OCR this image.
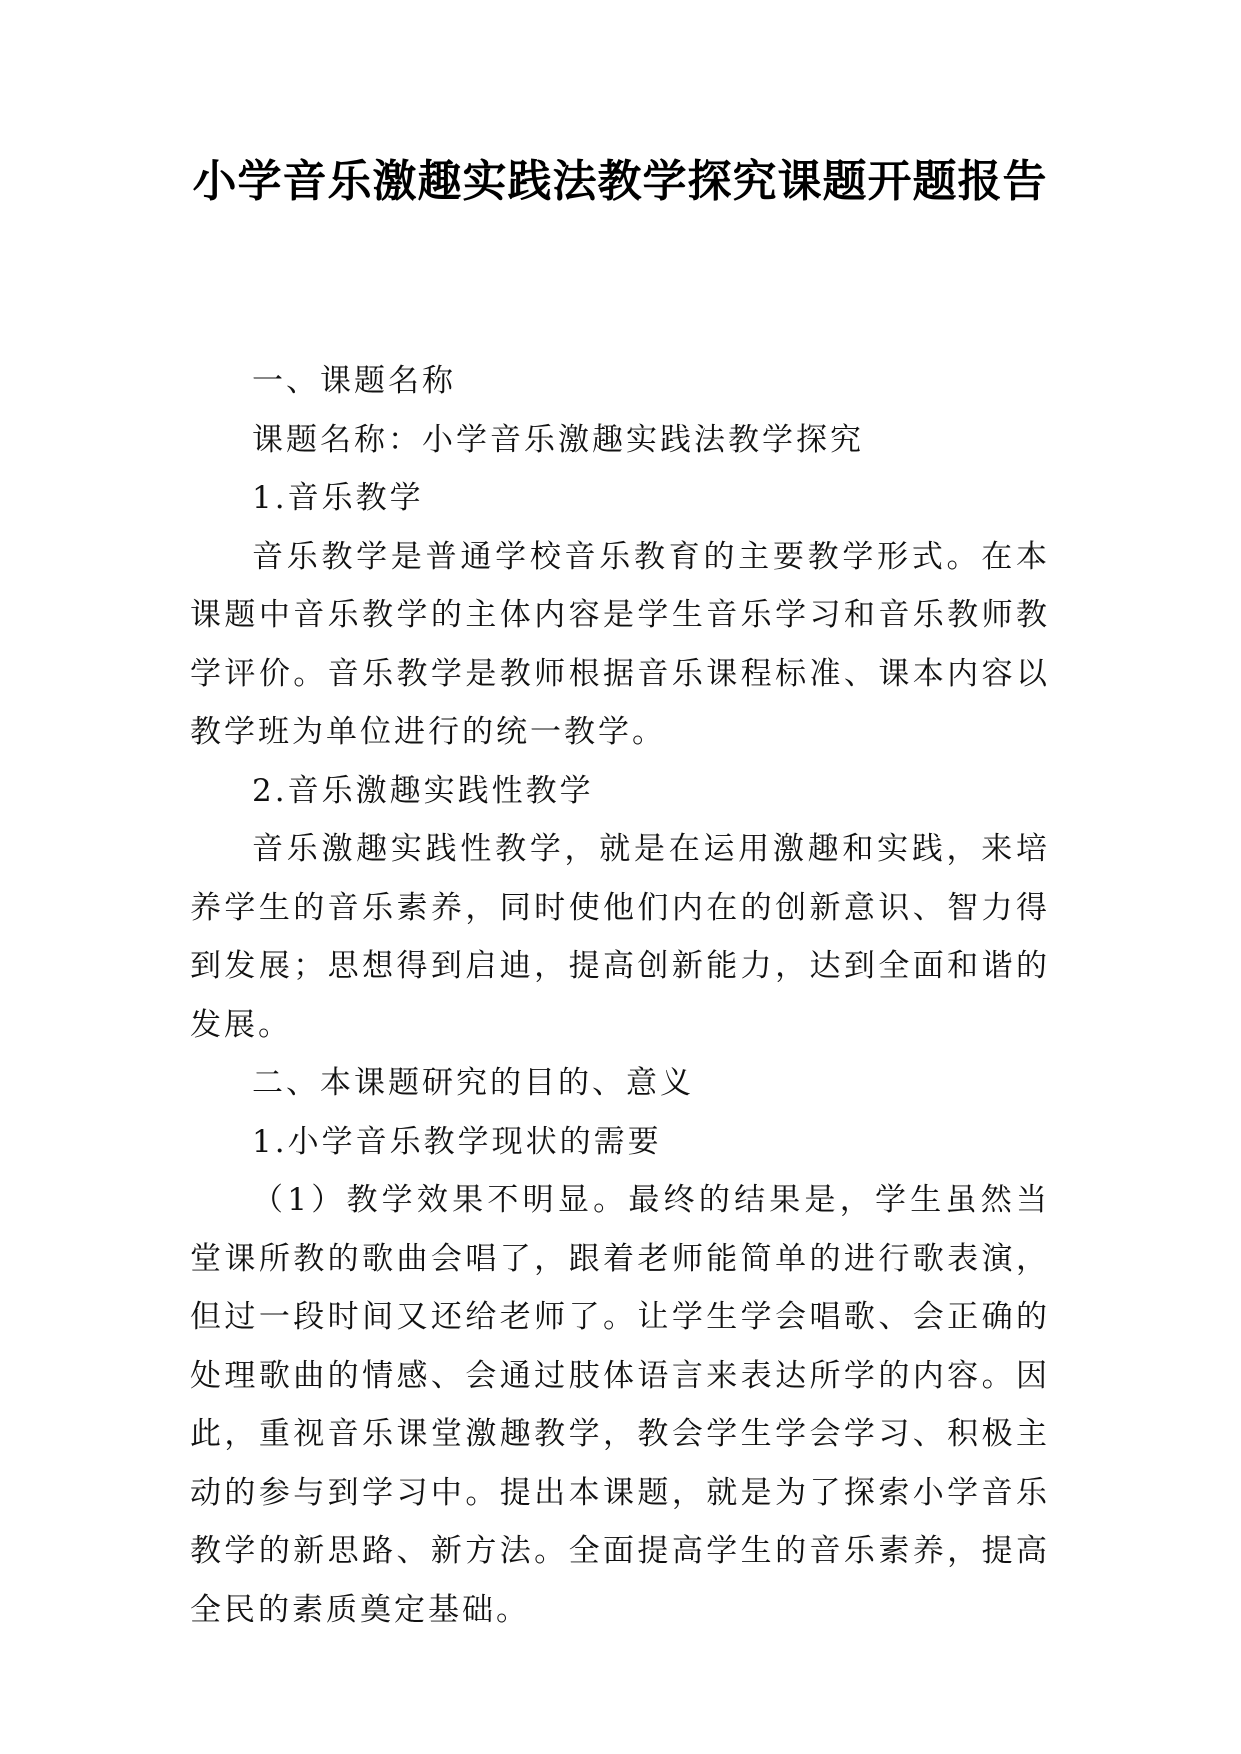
小学音乐激趣实践法教学探究课题开题报告

一、课题名称

课题名称：小学音乐激趣实践法教学探究

1.音乐教学

音乐教学是普通学校音乐教育的主要教学形式。在本课题中音乐教学的主体内容是学生音乐学习和音乐教师教学评价。音乐教学是教师根据音乐课程标准、课本内容以教学班为单位进行的统一教学。

2.音乐激趣实践性教学

音乐激趣实践性教学，就是在运用激趣和实践，来培养学生的音乐素养，同时使他们内在的创新意识、智力得到发展；思想得到启迪，提高创新能力，达到全面和谐的发展。

二、本课题研究的目的、意义

1.小学音乐教学现状的需要

（1）教学效果不明显。最终的结果是，学生虽然当堂课所教的歌曲会唱了，跟着老师能简单的进行歌表演，但过一段时间又还给老师了。让学生学会唱歌、会正确的处理歌曲的情感、会通过肢体语言来表达所学的内容。因此，重视音乐课堂激趣教学，教会学生学会学习、积极主动的参与到学习中。提出本课题，就是为了探索小学音乐教学的新思路、新方法。全面提高学生的音乐素养，提高全民的素质奠定基础。
